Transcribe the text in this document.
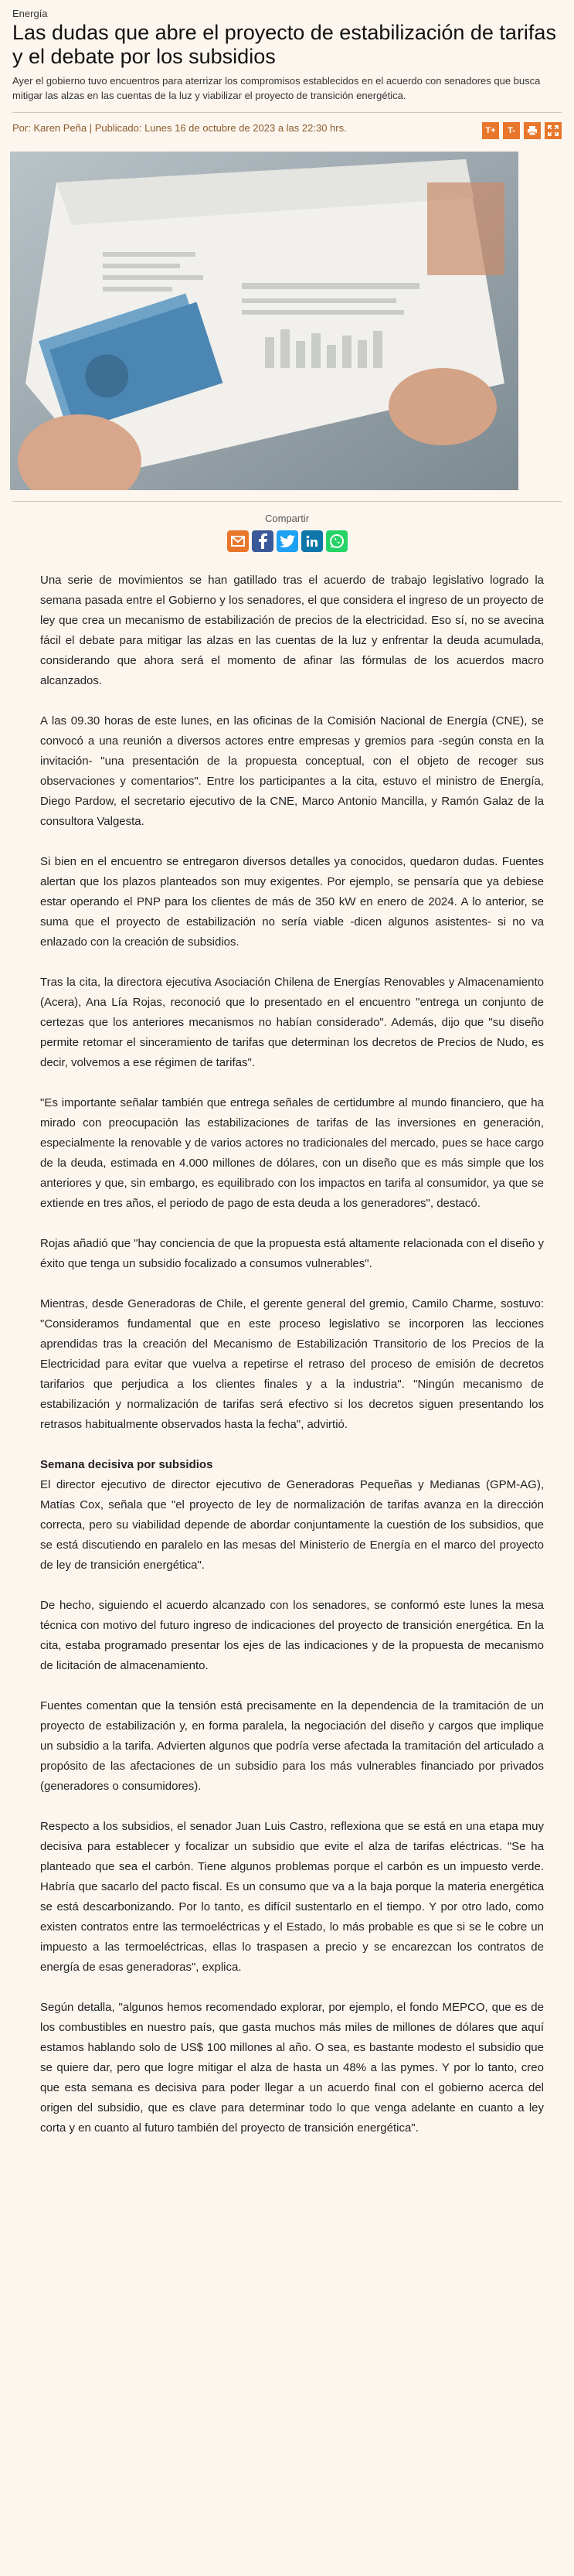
Energía
Las dudas que abre el proyecto de estabilización de tarifas y el debate por los subsidios
Ayer el gobierno tuvo encuentros para aterrizar los compromisos establecidos en el acuerdo con senadores que busca mitigar las alzas en las cuentas de la luz y viabilizar el proyecto de transición energética.
Por: Karen Peña | Publicado: Lunes 16 de octubre de 2023 a las 22:30 hrs.	T+ T-
Compartir

Una serie de movimientos se han gatillado tras el acuerdo de trabajo legislativo logrado la semana pasada entre el Gobierno y los senadores, el que considera el ingreso de un proyecto de ley que crea un mecanismo de estabilización de precios de la electricidad. Eso sí, no se avecina fácil el debate para mitigar las alzas en las cuentas de la luz y enfrentar la deuda acumulada, considerando que ahora será el momento de afinar las fórmulas de los acuerdos macro alcanzados.

A las 09.30 horas de este lunes, en las oficinas de la Comisión Nacional de Energía (CNE), se convocó a una reunión a diversos actores entre empresas y gremios para -según consta en la invitación- "una presentación de la propuesta conceptual, con el objeto de recoger sus observaciones y comentarios". Entre los participantes a la cita, estuvo el ministro de Energía, Diego Pardow, el secretario ejecutivo de la CNE, Marco Antonio Mancilla, y Ramón Galaz de la consultora Valgesta.

Si bien en el encuentro se entregaron diversos detalles ya conocidos, quedaron dudas. Fuentes alertan que los plazos planteados son muy exigentes. Por ejemplo, se pensaría que ya debiese estar operando el PNP para los clientes de más de 350 kW en enero de 2024. A lo anterior, se suma que el proyecto de estabilización no sería viable -dicen algunos asistentes- si no va enlazado con la creación de subsidios.

Tras la cita, la directora ejecutiva Asociación Chilena de Energías Renovables y Almacenamiento (Acera), Ana Lía Rojas, reconoció que lo presentado en el encuentro "entrega un conjunto de certezas que los anteriores mecanismos no habían considerado". Además, dijo que "su diseño permite retomar el sinceramiento de tarifas que determinan los decretos de Precios de Nudo, es decir, volvemos a ese régimen de tarifas".

"Es importante señalar también que entrega señales de certidumbre al mundo financiero, que ha mirado con preocupación las estabilizaciones de tarifas de las inversiones en generación, especialmente la renovable y de varios actores no tradicionales del mercado, pues se hace cargo de la deuda, estimada en 4.000 millones de dólares, con un diseño que es más simple que los anteriores y que, sin embargo, es equilibrado con los impactos en tarifa al consumidor, ya que se extiende en tres años, el periodo de pago de esta deuda a los generadores", destacó.

Rojas añadió que "hay conciencia de que la propuesta está altamente relacionada con el diseño y éxito que tenga un subsidio focalizado a consumos vulnerables".

Mientras, desde Generadoras de Chile, el gerente general del gremio, Camilo Charme, sostuvo: "Consideramos fundamental que en este proceso legislativo se incorporen las lecciones aprendidas tras la creación del Mecanismo de Estabilización Transitorio de los Precios de la Electricidad para evitar que vuelva a repetirse el retraso del proceso de emisión de decretos tarifarios que perjudica a los clientes finales y a la industria". "Ningún mecanismo de estabilización y normalización de tarifas será efectivo si los decretos siguen presentando los retrasos habitualmente observados hasta la fecha", advirtió.

Semana decisiva por subsidios

El director ejecutivo de director ejecutivo de Generadoras Pequeñas y Medianas (GPM-AG), Matías Cox, señala que "el proyecto de ley de normalización de tarifas avanza en la dirección correcta, pero su viabilidad depende de abordar conjuntamente la cuestión de los subsidios, que se está discutiendo en paralelo en las mesas del Ministerio de Energía en el marco del proyecto de ley de transición energética".

De hecho, siguiendo el acuerdo alcanzado con los senadores, se conformó este lunes la mesa técnica con motivo del futuro ingreso de indicaciones del proyecto de transición energética. En la cita, estaba programado presentar los ejes de las indicaciones y de la propuesta de mecanismo de licitación de almacenamiento.

Fuentes comentan que la tensión está precisamente en la dependencia de la tramitación de un proyecto de estabilización y, en forma paralela, la negociación del diseño y cargos que implique un subsidio a la tarifa. Advierten algunos que podría verse afectada la tramitación del articulado a propósito de las afectaciones de un subsidio para los más vulnerables financiado por privados (generadores o consumidores).

Respecto a los subsidios, el senador Juan Luis Castro, reflexiona que se está en una etapa muy decisiva para establecer y focalizar un subsidio que evite el alza de tarifas eléctricas. "Se ha planteado que sea el carbón. Tiene algunos problemas porque el carbón es un impuesto verde. Habría que sacarlo del pacto fiscal. Es un consumo que va a la baja porque la materia energética se está descarbonizando. Por lo tanto, es difícil sustentarlo en el tiempo. Y por otro lado, como existen contratos entre las termoeléctricas y el Estado, lo más probable es que si se le cobre un impuesto a las termoeléctricas, ellas lo traspasen a precio y se encarezcan los contratos de energía de esas generadoras", explica.

Según detalla, "algunos hemos recomendado explorar, por ejemplo, el fondo MEPCO, que es de los combustibles en nuestro país, que gasta muchos más miles de millones de dólares que aquí estamos hablando solo de US$ 100 millones al año. O sea, es bastante modesto el subsidio que se quiere dar, pero que logre mitigar el alza de hasta un 48% a las pymes. Y por lo tanto, creo que esta semana es decisiva para poder llegar a un acuerdo final con el gobierno acerca del origen del subsidio, que es clave para determinar todo lo que venga adelante en cuanto a ley corta y en cuanto al futuro también del proyecto de transición energética".
